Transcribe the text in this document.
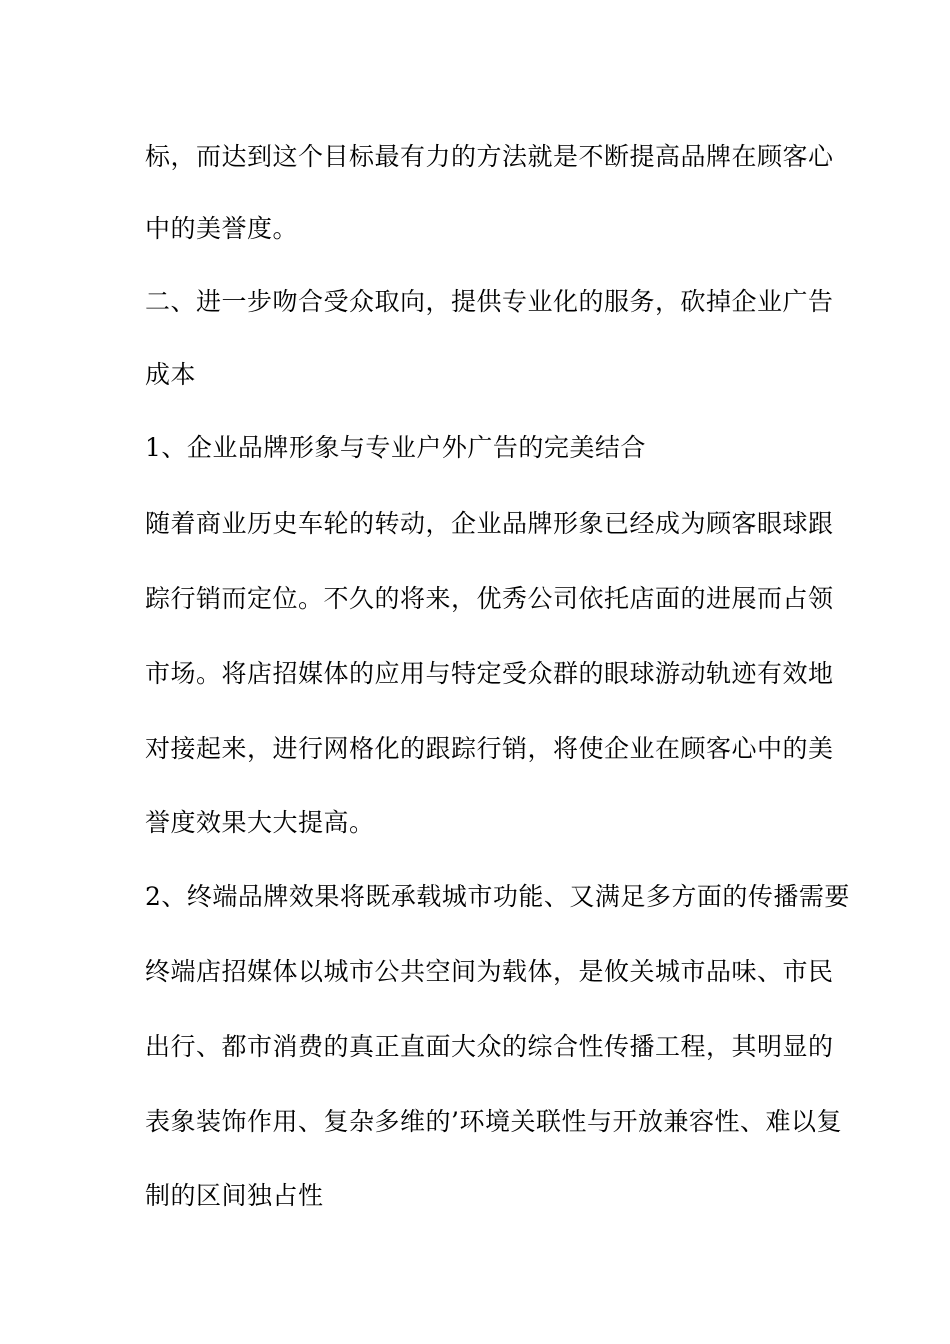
标，而达到这个目标最有力的方法就是不断提高品牌在顾客心
中的美誉度。
二、进一步吻合受众取向，提供专业化的服务，砍掉企业广告
成本
1、企业品牌形象与专业户外广告的完美结合
随着商业历史车轮的转动，企业品牌形象已经成为顾客眼球跟
踪行销而定位。不久的将来，优秀公司依托店面的进展而占领
市场。将店招媒体的应用与特定受众群的眼球游动轨迹有效地
对接起来，进行网格化的跟踪行销，将使企业在顾客心中的美
誉度效果大大提高。
2、终端品牌效果将既承载城市功能、又满足多方面的传播需要
终端店招媒体以城市公共空间为载体，是攸关城市品味、市民
出行、都市消费的真正直面大众的综合性传播工程，其明显的
表象装饰作用、复杂多维的’环境关联性与开放兼容性、难以复
制的区间独占性
